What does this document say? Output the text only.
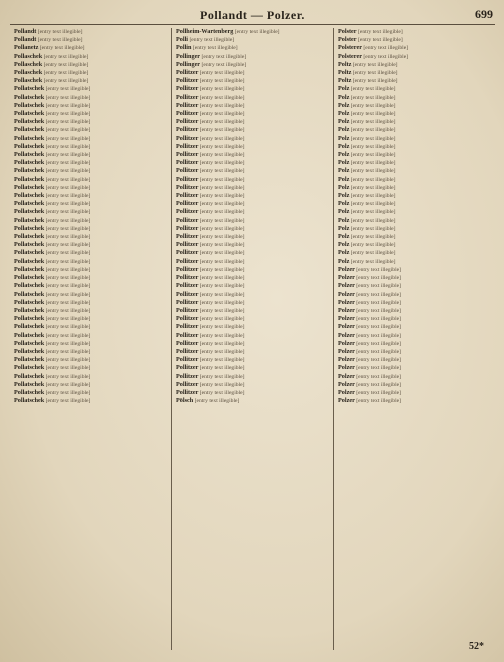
Pollandt — Polzer.	699

Pollandt [entry text illegible]

Pollandt [entry text illegible]

Pollanetz [entry text illegible]

Pollaschek [entry text illegible]

Pollaschek [entry text illegible]

Pollaschek [entry text illegible]

Pollaschek [entry text illegible]

Pollatschek [entry text illegible]

Pollatschek [entry text illegible]

Pollatschek [entry text illegible]

Pollatschek [entry text illegible]

Pollatschek [entry text illegible]

Pollatschek [entry text illegible]

Pollatschek [entry text illegible]

Pollatschek [entry text illegible]

Pollatschek [entry text illegible]

Pollatschek [entry text illegible]

Pollatschek [entry text illegible]

Pollatschek [entry text illegible]

Pollatschek [entry text illegible]

Pollatschek [entry text illegible]

Pollatschek [entry text illegible]

Pollatschek [entry text illegible]

Pollatschek [entry text illegible]

Pollatschek [entry text illegible]

Pollatschek [entry text illegible]

Pollatschek [entry text illegible]

Pollatschek [entry text illegible]

Pollatschek [entry text illegible]

Pollatschek [entry text illegible]

Pollatschek [entry text illegible]

Pollatschek [entry text illegible]

Pollatschek [entry text illegible]

Pollatschek [entry text illegible]

Pollatschek [entry text illegible]

Pollatschek [entry text illegible]

Pollatschek [entry text illegible]

Pollatschek [entry text illegible]

Pollatschek [entry text illegible]

Pollatschek [entry text illegible]

Pollatschek [entry text illegible]

Pollatschek [entry text illegible]

Pollatschek [entry text illegible]

Pollatschek [entry text illegible]

Pollatschek [entry text illegible]

Pollatschek [entry text illegible]

Pollheim-Wartenberg [entry text illegible]

Polli [entry text illegible]

Pollin [entry text illegible]

Pollinger [entry text illegible]

Pollinger [entry text illegible]

Pollitzer [entry text illegible]

Pollitzer [entry text illegible]

Pollitzer [entry text illegible]

Pollitzer [entry text illegible]

Pollitzer [entry text illegible]

Pollitzer [entry text illegible]

Pollitzer [entry text illegible]

Pollitzer [entry text illegible]

Pollitzer [entry text illegible]

Pollitzer [entry text illegible]

Pollitzer [entry text illegible]

Pollitzer [entry text illegible]

Pollitzer [entry text illegible]

Pollitzer [entry text illegible]

Pollitzer [entry text illegible]

Pollitzer [entry text illegible]

Pollitzer [entry text illegible]

Pollitzer [entry text illegible]

Pollitzer [entry text illegible]

Pollitzer [entry text illegible]

Pollitzer [entry text illegible]

Pollitzer [entry text illegible]

Pollitzer [entry text illegible]

Pollitzer [entry text illegible]

Pollitzer [entry text illegible]

Pollitzer [entry text illegible]

Pollitzer [entry text illegible]

Pollitzer [entry text illegible]

Pollitzer [entry text illegible]

Pollitzer [entry text illegible]

Pollitzer [entry text illegible]

Pollitzer [entry text illegible]

Pollitzer [entry text illegible]

Pollitzer [entry text illegible]

Pollitzer [entry text illegible]

Pollitzer [entry text illegible]

Pollitzer [entry text illegible]

Pollitzer [entry text illegible]

Pollitzer [entry text illegible]

Pollitzer [entry text illegible]

Pölsch [entry text illegible]

Polster [entry text illegible]

Polster [entry text illegible]

Polsterer [entry text illegible]

Polsterer [entry text illegible]

Poltz [entry text illegible]

Poltz [entry text illegible]

Poltz [entry text illegible]

Polz [entry text illegible]

Polz [entry text illegible]

Polz [entry text illegible]

Polz [entry text illegible]

Polz [entry text illegible]

Polz [entry text illegible]

Polz [entry text illegible]

Polz [entry text illegible]

Polz [entry text illegible]

Polz [entry text illegible]

Polz [entry text illegible]

Polz [entry text illegible]

Polz [entry text illegible]

Polz [entry text illegible]

Polz [entry text illegible]

Polz [entry text illegible]

Polz [entry text illegible]

Polz [entry text illegible]

Polz [entry text illegible]

Polz [entry text illegible]

Polz [entry text illegible]

Polz [entry text illegible]

Polzer [entry text illegible]

Polzer [entry text illegible]

Polzer [entry text illegible]

Polzer [entry text illegible]

Polzer [entry text illegible]

Polzer [entry text illegible]

Polzer [entry text illegible]

Polzer [entry text illegible]

Polzer [entry text illegible]

Polzer [entry text illegible]

Polzer [entry text illegible]

Polzer [entry text illegible]

Polzer [entry text illegible]

Polzer [entry text illegible]

Polzer [entry text illegible]

Polzer [entry text illegible]

Polzer [entry text illegible]

52*
